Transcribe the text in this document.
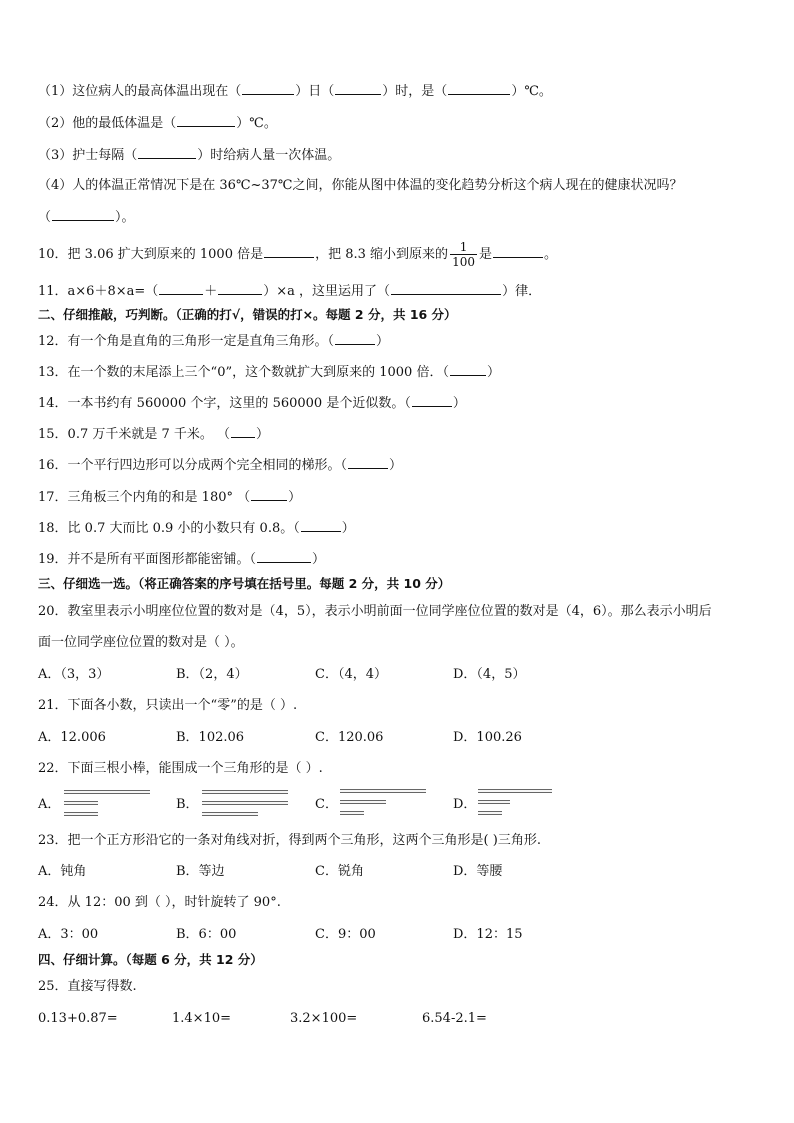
（1）这位病人的最高体温出现在（	）日（	）时，是（	）℃。
（2）他的最低体温是（	）℃。
（3）护士每隔（	）时给病人量一次体温。
（4）人的体温正常情况下是在 36℃~37℃之间，你能从图中体温的变化趋势分析这个病人现在的健康状况吗？
（	）。
10．把 3.06 扩大到原来的 1000 倍是	，把 8.3 缩小到原来的 $\frac{1}{100}$ 是	。
11．a×6＋8×a=（	＋	）×a ，这里运用了（	）律．
二、仔细推敲，巧判断。（正确的打√，错误的打×。每题 2 分，共 16 分）
12．有一个角是直角的三角形一定是直角三角形。（	）
13．在一个数的末尾添上三个“0”，这个数就扩大到原来的 1000 倍．（	）
14．一本书约有 560000 个字，这里的 560000 是个近似数。（	）
15．0.7 万千米就是 7 千米。 （ ）
16．一个平行四边形可以分成两个完全相同的梯形。（	）
17．三角板三个内角的和是 180° （	）
18．比 0.7 大而比 0.9 小的小数只有 0.8。（	）
19．并不是所有平面图形都能密铺。（	）
三、仔细选一选。（将正确答案的序号填在括号里。每题 2 分，共 10 分）
20．教室里表示小明座位位置的数对是（4，5），表示小明前面一位同学座位位置的数对是（4，6）。那么表示小明后
面一位同学座位位置的数对是（ ）。
A．（3，3）	B．（2，4）	C．（4，4）	D．（4，5）
21．下面各小数，只读出一个“零”的是（ ）.
A．12.006	B．102.06	C．120.06	D．100.26
22．下面三根小棒，能围成一个三角形的是（ ）.
A．	B．	C．	D．
23．把一个正方形沿它的一条对角线对折，得到两个三角形，这两个三角形是( )三角形.
A．钝角	B．等边	C．锐角	D．等腰
24．从 12：00 到（ ），时针旋转了 90°.
A．3：00	B．6：00	C．9：00	D．12：15
四、仔细计算。（每题 6 分，共 12 分）
25．直接写得数.
0.13+0.87=	1.4×10=	3.2×100=	6.54-2.1=
